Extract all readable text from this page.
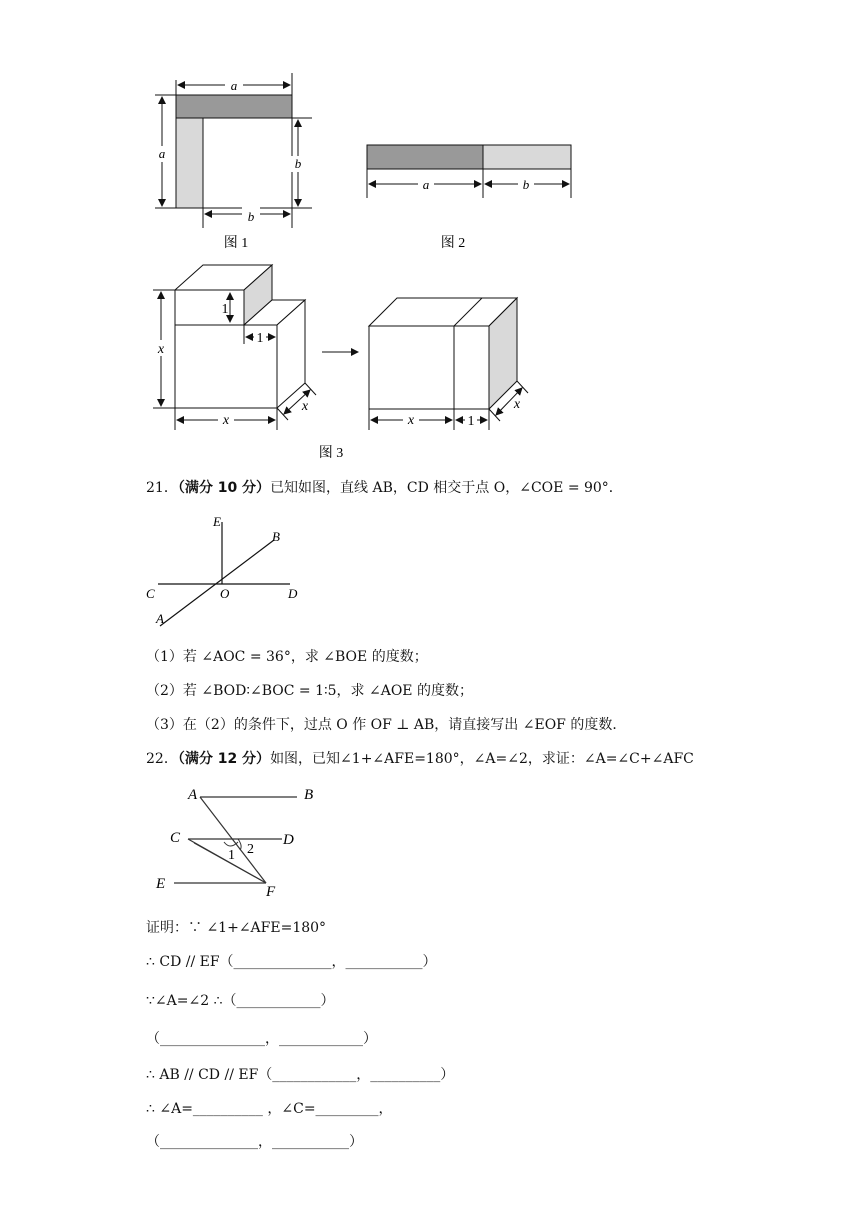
a
a
b
b
图 1
a	b
图 2
1
1
x
x
x
x	1
x
图 3
21．（满分 10 分）已知如图，直线 AB，CD 相交于点 O，∠COE = 90°．
E
B
C	O	D
A
（1）若 ∠AOC = 36°，求 ∠BOE 的度数；
（2）若 ∠BOD∶∠BOC = 1∶5，求 ∠AOE 的度数；
（3）在（2）的条件下，过点 O 作 OF ⊥ AB，请直接写出 ∠EOF 的度数．
22．（满分 12 分）如图，已知∠1+∠AFE=180°，∠A=∠2，求证：∠A=∠C+∠AFC
A	B
C	D
E	F
1 2
证明：∵ ∠1+∠AFE=180°
∴ CD // EF（______________，___________）
∵∠A=∠2 ∴（____________）
（_______________，____________）
∴ AB // CD // EF（____________，__________）
∴ ∠A=__________ ，∠C=_________，
（______________，___________）
